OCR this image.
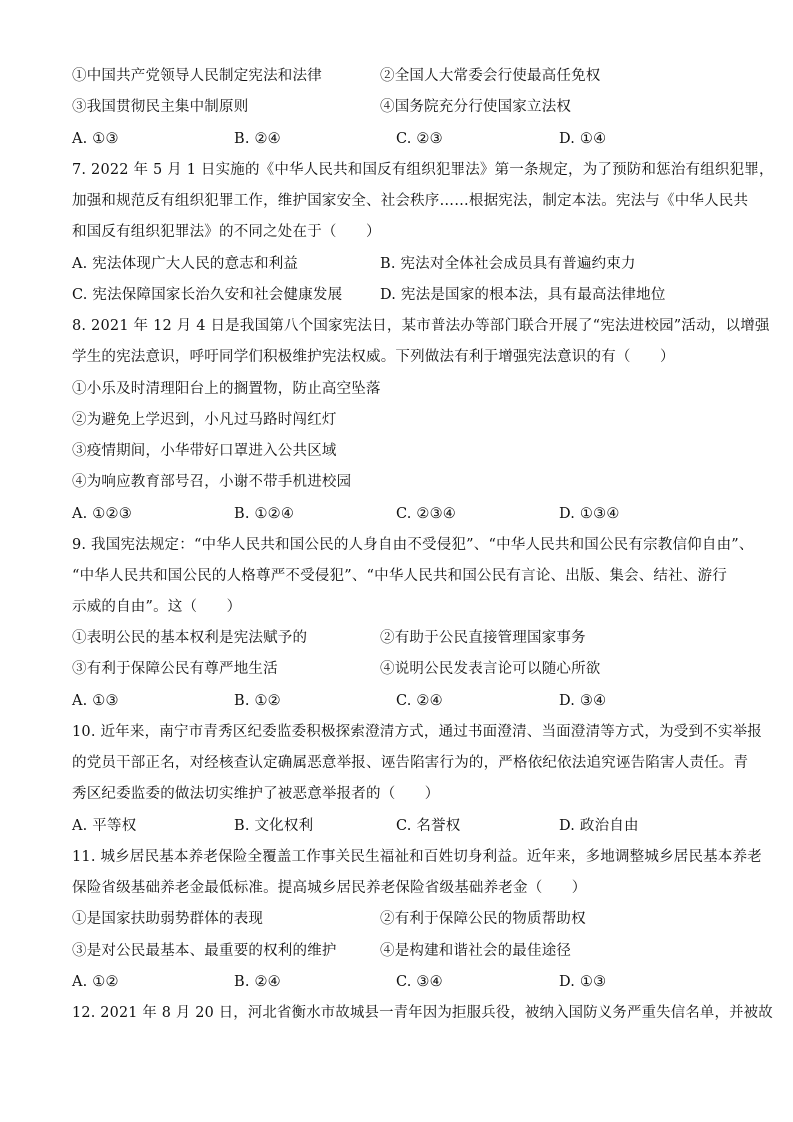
①中国共产党领导人民制定宪法和法律	②全国人大常委会行使最高任免权
③我国贯彻民主集中制原则	④国务院充分行使国家立法权
A. ①③	B. ②④	C. ②③	D. ①④
7. 2022 年 5 月 1 日实施的《中华人民共和国反有组织犯罪法》第一条规定，为了预防和惩治有组织犯罪，
加强和规范反有组织犯罪工作，维护国家安全、社会秩序……根据宪法，制定本法。宪法与《中华人民共
和国反有组织犯罪法》的不同之处在于（　　）
A. 宪法体现广大人民的意志和利益	B. 宪法对全体社会成员具有普遍约束力
C. 宪法保障国家长治久安和社会健康发展	D. 宪法是国家的根本法，具有最高法律地位
8. 2021 年 12 月 4 日是我国第八个国家宪法日，某市普法办等部门联合开展了“宪法进校园”活动，以增强
学生的宪法意识，呼吁同学们积极维护宪法权威。下列做法有利于增强宪法意识的有（　　）
①小乐及时清理阳台上的搁置物，防止高空坠落
②为避免上学迟到，小凡过马路时闯红灯
③疫情期间，小华带好口罩进入公共区域
④为响应教育部号召，小谢不带手机进校园
A. ①②③	B. ①②④	C. ②③④	D. ①③④
9. 我国宪法规定：“中华人民共和国公民的人身自由不受侵犯”、“中华人民共和国公民有宗教信仰自由”、
“中华人民共和国公民的人格尊严不受侵犯”、“中华人民共和国公民有言论、出版、集会、结社、游行
示威的自由”。这（　　）
①表明公民的基本权利是宪法赋予的	②有助于公民直接管理国家事务
③有利于保障公民有尊严地生活	④说明公民发表言论可以随心所欲
A. ①③	B. ①②	C. ②④	D. ③④
10. 近年来，南宁市青秀区纪委监委积极探索澄清方式，通过书面澄清、当面澄清等方式，为受到不实举报
的党员干部正名，对经核查认定确属恶意举报、诬告陷害行为的，严格依纪依法追究诬告陷害人责任。青
秀区纪委监委的做法切实维护了被恶意举报者的（　　）
A. 平等权	B. 文化权利	C. 名誉权	D. 政治自由
11. 城乡居民基本养老保险全覆盖工作事关民生福祉和百姓切身利益。近年来，多地调整城乡居民基本养老
保险省级基础养老金最低标准。提高城乡居民养老保险省级基础养老金（　　）
①是国家扶助弱势群体的表现	②有利于保障公民的物质帮助权
③是对公民最基本、最重要的权利的维护	④是构建和谐社会的最佳途径
A. ①②	B. ②④	C. ③④	D. ①③
12. 2021 年 8 月 20 日，河北省衡水市故城县一青年因为拒服兵役，被纳入国防义务严重失信名单，并被故
